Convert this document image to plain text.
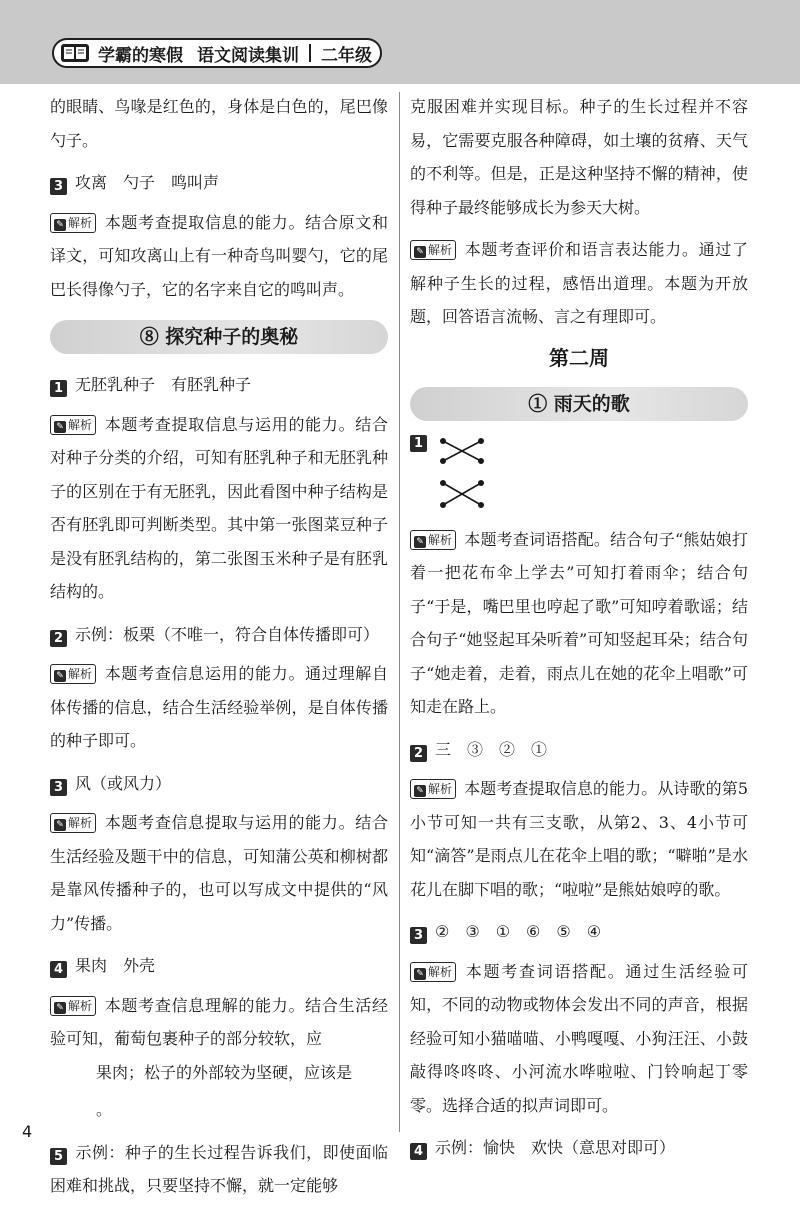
学霸的寒假 语文阅读集训 二年级

的眼睛、鸟喙是红色的，身体是白色的，尾巴像勺子。

3 攻离　勺子　鸣叫声

✎ 解析 本题考查提取信息的能力。结合原文和译文，可知攻离山上有一种奇鸟叫婴勺，它的尾巴长得像勺子，它的名字来自它的鸣叫声。

⑧ 探究种子的奥秘
1 无胚乳种子　有胚乳种子

✎ 解析 本题考查提取信息与运用的能力。结合对种子分类的介绍，可知有胚乳种子和无胚乳种子的区别在于有无胚乳，因此看图中种子结构是否有胚乳即可判断类型。其中第一张图菜豆种子是没有胚乳结构的，第二张图玉米种子是有胚乳结构的。

2 示例：板栗（不唯一，符合自体传播即可）

✎ 解析 本题考查信息运用的能力。通过理解自体传播的信息，结合生活经验举例，是自体传播的种子即可。

3 风（或风力）

✎ 解析 本题考查信息提取与运用的能力。结合生活经验及题干中的信息，可知蒲公英和柳树都是靠风传播种子的，也可以写成文中提供的“风力”传播。

4 果肉　外壳

✎ 解析 本题考查信息理解的能力。结合生活经验可知，葡萄包裹种子的部分较软，应

果肉；松子的外部较为坚硬，应该是

。

5 示例：种子的生长过程告诉我们，即使面临困难和挑战，只要坚持不懈，就一定能够

克服困难并实现目标。种子的生长过程并不容易，它需要克服各种障碍，如土壤的贫瘠、天气的不利等。但是，正是这种坚持不懈的精神，使得种子最终能够成长为参天大树。

✎ 解析 本题考查评价和语言表达能力。通过了解种子生长的过程，感悟出道理。本题为开放题，回答语言流畅、言之有理即可。

第二周
① 雨天的歌
1

✎ 解析 本题考查词语搭配。结合句子“熊姑娘打着一把花布伞上学去”可知打着雨伞；结合句子“于是，嘴巴里也哼起了歌”可知哼着歌谣；结合句子“她竖起耳朵听着”可知竖起耳朵；结合句子“她走着，走着，雨点儿在她的花伞上唱歌”可知走在路上。

2 三　③　②　①

✎ 解析 本题考查提取信息的能力。从诗歌的第5小节可知一共有三支歌，从第2、3、4小节可知“滴答”是雨点儿在花伞上唱的歌；“噼啪”是水花儿在脚下唱的歌；“啦啦”是熊姑娘哼的歌。

3 ②　③　①　⑥　⑤　④

✎ 解析 本题考查词语搭配。通过生活经验可知，不同的动物或物体会发出不同的声音，根据经验可知小猫喵喵、小鸭嘎嘎、小狗汪汪、小鼓敲得咚咚咚、小河流水哗啦啦、门铃响起丁零零。选择合适的拟声词即可。

4 示例：愉快　欢快（意思对即可）
4
